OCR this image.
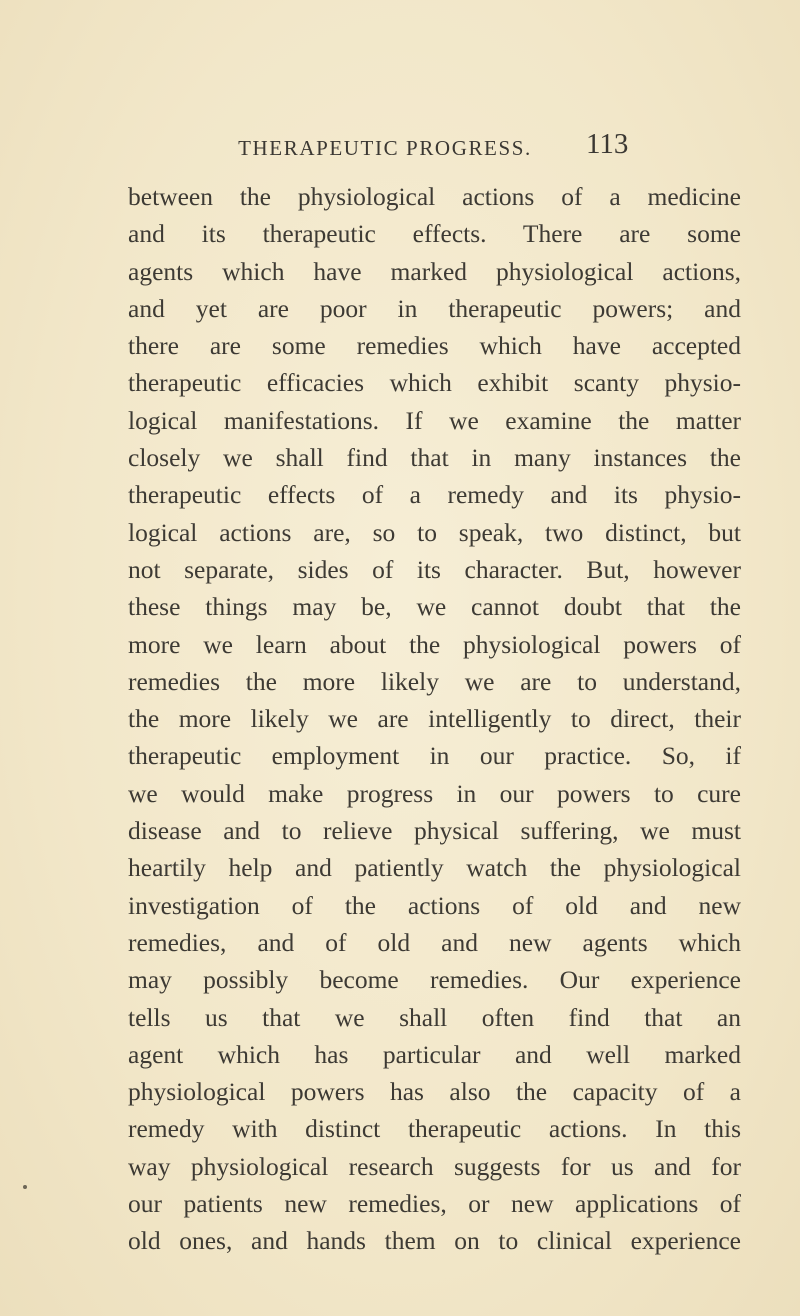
THERAPEUTIC PROGRESS.	113
between the physiological actions of a medicine
and its therapeutic effects. There are some
agents which have marked physiological actions,
and yet are poor in therapeutic powers; and
there are some remedies which have accepted
therapeutic efficacies which exhibit scanty physio-
logical manifestations. If we examine the matter
closely we shall find that in many instances the
therapeutic effects of a remedy and its physio-
logical actions are, so to speak, two distinct, but
not separate, sides of its character. But, however
these things may be, we cannot doubt that the
more we learn about the physiological powers of
remedies the more likely we are to understand,
the more likely we are intelligently to direct, their
therapeutic employment in our practice. So, if
we would make progress in our powers to cure
disease and to relieve physical suffering, we must
heartily help and patiently watch the physiological
investigation of the actions of old and new
remedies, and of old and new agents which
may possibly become remedies. Our experience
tells us that we shall often find that an
agent which has particular and well marked
physiological powers has also the capacity of a
remedy with distinct therapeutic actions. In this
way physiological research suggests for us and for
our patients new remedies, or new applications of
old ones, and hands them on to clinical experience
